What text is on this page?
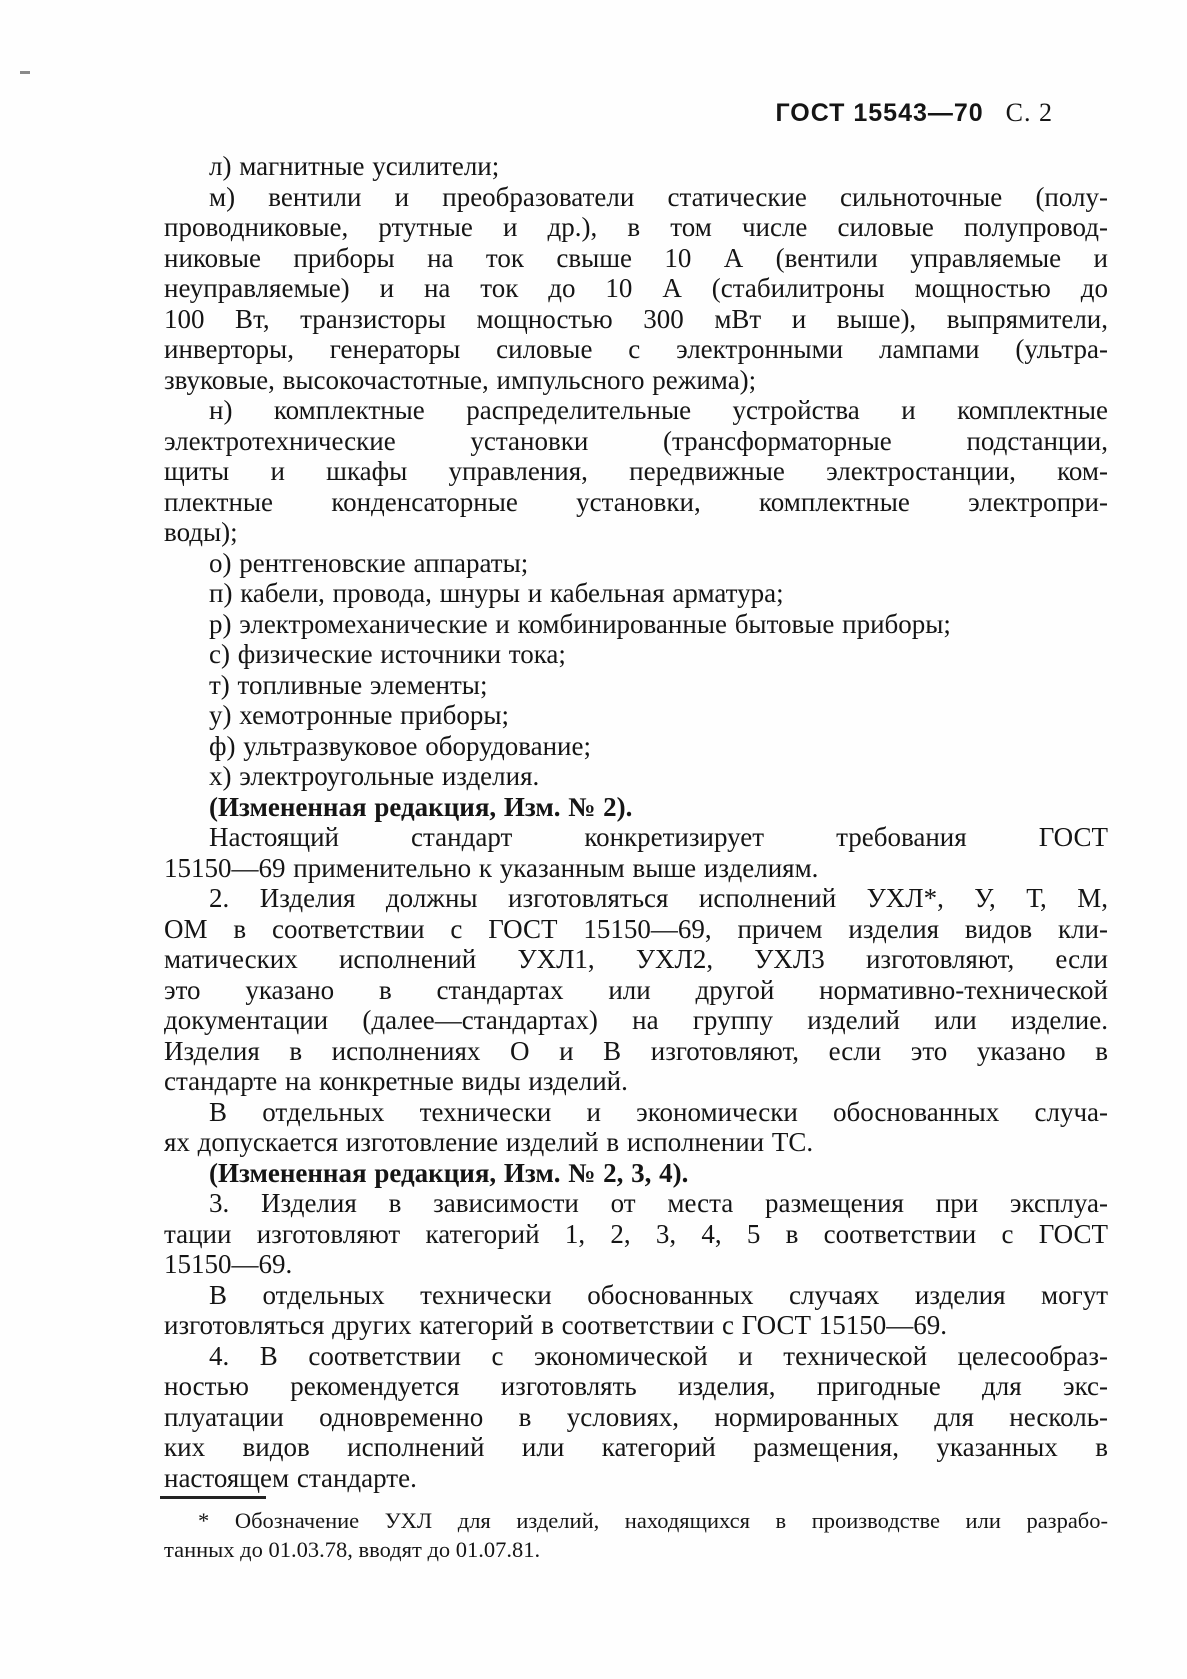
ГОСТ 15543—70 С. 2
л) магнитные усилители;
м) вентили и преобразователи статические сильноточные (полу-
проводниковые, ртутные и др.), в том числе силовые полупровод-
никовые приборы на ток свыше 10 А (вентили управляемые и
неуправляемые) и на ток до 10 А (стабилитроны мощностью до
100 Вт, транзисторы мощностью 300 мВт и выше), выпрямители,
инверторы, генераторы силовые с электронными лампами (ультра-
звуковые, высокочастотные, импульсного режима);
н) комплектные распределительные устройства и комплектные
электротехнические установки (трансформаторные подстанции,
щиты и шкафы управления, передвижные электростанции, ком-
плектные конденсаторные установки, комплектные электропри-
воды);
о) рентгеновские аппараты;
п) кабели, провода, шнуры и кабельная арматура;
р) электромеханические и комбинированные бытовые приборы;
с) физические источники тока;
т) топливные элементы;
у) хемотронные приборы;
ф) ультразвуковое оборудование;
х) электроугольные изделия.
(Измененная редакция, Изм. № 2).
Настоящий стандарт конкретизирует требования ГОСТ
15150—69 применительно к указанным выше изделиям.
2. Изделия должны изготовляться исполнений УХЛ*, У, Т, М,
ОМ в соответствии с ГОСТ 15150—69, причем изделия видов кли-
матических исполнений УХЛ1, УХЛ2, УХЛ3 изготовляют, если
это указано в стандартах или другой нормативно-технической
документации (далее—стандартах) на группу изделий или изделие.
Изделия в исполнениях О и В изготовляют, если это указано в
стандарте на конкретные виды изделий.
В отдельных технически и экономически обоснованных случа-
ях допускается изготовление изделий в исполнении ТС.
(Измененная редакция, Изм. № 2, 3, 4).
3. Изделия в зависимости от места размещения при эксплуа-
тации изготовляют категорий 1, 2, 3, 4, 5 в соответствии с ГОСТ
15150—69.
В отдельных технически обоснованных случаях изделия могут
изготовляться других категорий в соответствии с ГОСТ 15150—69.
4. В соответствии с экономической и технической целесообраз-
ностью рекомендуется изготовлять изделия, пригодные для экс-
плуатации одновременно в условиях, нормированных для несколь-
ких видов исполнений или категорий размещения, указанных в
настоящем стандарте.
* Обозначение УХЛ для изделий, находящихся в производстве или разрабо-
танных до 01.03.78, вводят до 01.07.81.
